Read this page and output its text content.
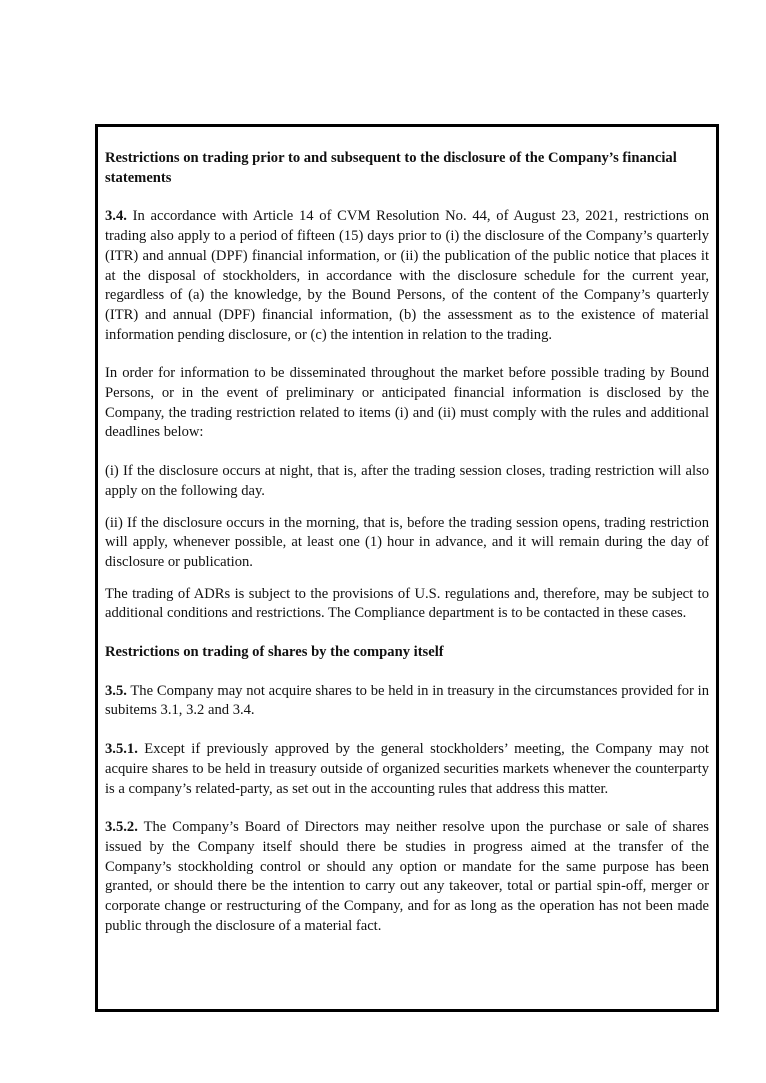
Restrictions on trading prior to and subsequent to the disclosure of the Company’s financial statements

3.4. In accordance with Article 14 of CVM Resolution No. 44, of August 23, 2021, restrictions on trading also apply to a period of fifteen (15) days prior to (i) the disclosure of the Company’s quarterly (ITR) and annual (DPF) financial information, or (ii) the publication of the public notice that places it at the disposal of stockholders, in accordance with the disclosure schedule for the current year, regardless of (a) the knowledge, by the Bound Persons, of the content of the Company’s quarterly (ITR) and annual (DPF) financial information, (b) the assessment as to the existence of material information pending disclosure, or (c) the intention in relation to the trading.

In order for information to be disseminated throughout the market before possible trading by Bound Persons, or in the event of preliminary or anticipated financial information is disclosed by the Company, the trading restriction related to items (i) and (ii) must comply with the rules and additional deadlines below:

(i) If the disclosure occurs at night, that is, after the trading session closes, trading restriction will also apply on the following day.

(ii) If the disclosure occurs in the morning, that is, before the trading session opens, trading restriction will apply, whenever possible, at least one (1) hour in advance, and it will remain during the day of disclosure or publication.

The trading of ADRs is subject to the provisions of U.S. regulations and, therefore, may be subject to additional conditions and restrictions. The Compliance department is to be contacted in these cases.

Restrictions on trading of shares by the company itself

3.5. The Company may not acquire shares to be held in in treasury in the circumstances provided for in subitems 3.1, 3.2 and 3.4.

3.5.1. Except if previously approved by the general stockholders’ meeting, the Company may not acquire shares to be held in treasury outside of organized securities markets whenever the counterparty is a company’s related-party, as set out in the accounting rules that address this matter.

3.5.2. The Company’s Board of Directors may neither resolve upon the purchase or sale of shares issued by the Company itself should there be studies in progress aimed at the transfer of the Company’s stockholding control or should any option or mandate for the same purpose has been granted, or should there be the intention to carry out any takeover, total or partial spin-off, merger or corporate change or restructuring of the Company, and for as long as the operation has not been made public through the disclosure of a material fact.
